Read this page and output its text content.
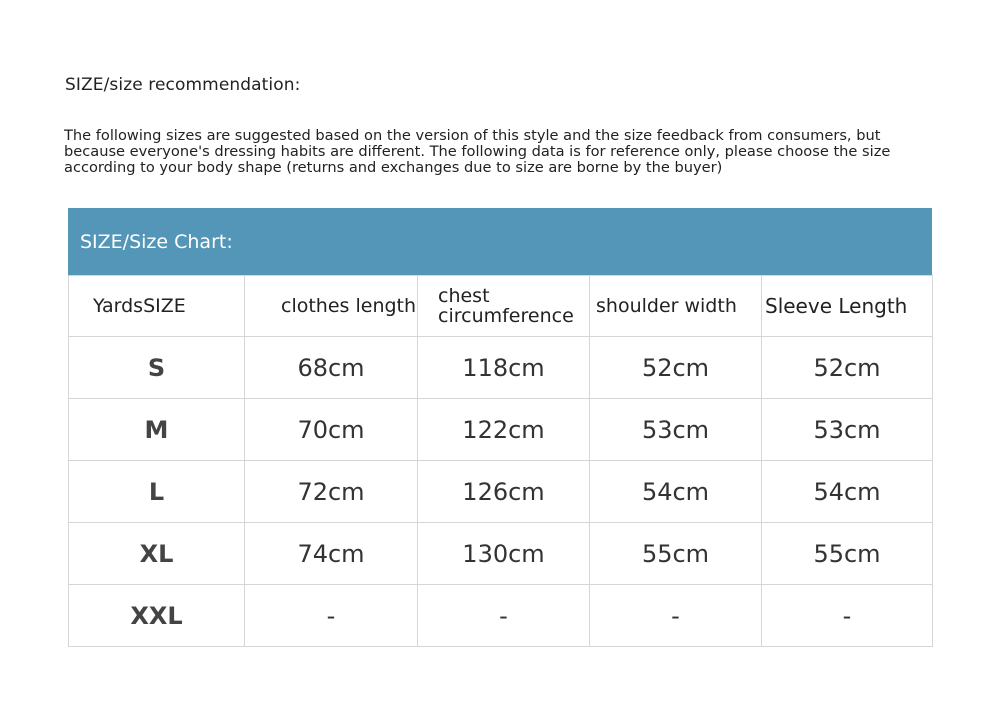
SIZE/size recommendation:
The following sizes are suggested based on the version of this style and the size feedback from consumers, but because everyone's dressing habits are different. The following data is for reference only, please choose the size according to your body shape (returns and exchanges due to size are borne by the buyer)
SIZE/Size Chart:
YardsSIZE	clothes length	chest circumference	shoulder width	Sleeve Length
S	68cm	118cm	52cm	52cm
M	70cm	122cm	53cm	53cm
L	72cm	126cm	54cm	54cm
XL	74cm	130cm	55cm	55cm
XXL	-	-	-	-
